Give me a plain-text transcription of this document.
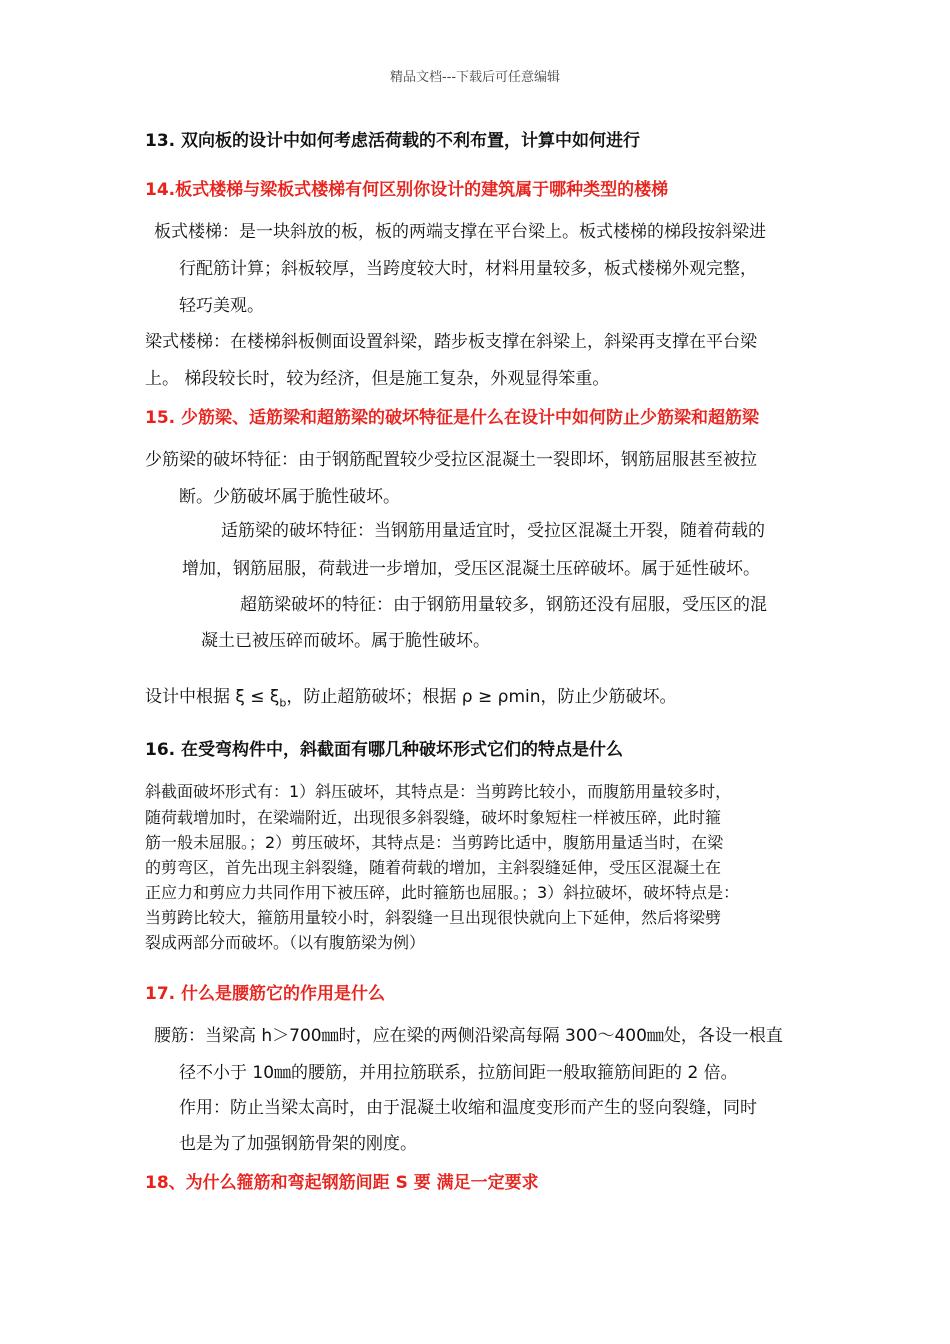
精品文档---下载后可任意编辑
13. 双向板的设计中如何考虑活荷载的不利布置，计算中如何进行
14.板式楼梯与梁板式楼梯有何区别你设计的建筑属于哪种类型的楼梯
板式楼梯：是一块斜放的板，板的两端支撑在平台梁上。板式楼梯的梯段按斜梁进
行配筋计算；斜板较厚，当跨度较大时，材料用量较多，板式楼梯外观完整，
轻巧美观。
梁式楼梯：在楼梯斜板侧面设置斜梁，踏步板支撑在斜梁上，斜梁再支撑在平台梁
上。 梯段较长时，较为经济，但是施工复杂，外观显得笨重。
15. 少筋梁、适筋梁和超筋梁的破坏特征是什么在设计中如何防止少筋梁和超筋梁
少筋梁的破坏特征：由于钢筋配置较少受拉区混凝土一裂即坏，钢筋屈服甚至被拉
断。少筋破坏属于脆性破坏。
适筋梁的破坏特征：当钢筋用量适宜时，受拉区混凝土开裂，随着荷载的
增加，钢筋屈服，荷载进一步增加，受压区混凝土压碎破坏。属于延性破坏。
超筋梁破坏的特征：由于钢筋用量较多，钢筋还没有屈服，受压区的混
凝土已被压碎而破坏。属于脆性破坏。
设计中根据 $\xi \le \xi_b$，防止超筋破坏；根据 ρ ≥ ρmin，防止少筋破坏。
16. 在受弯构件中，斜截面有哪几种破坏形式它们的特点是什么
斜截面破坏形式有：1）斜压破坏，其特点是：当剪跨比较小，而腹筋用量较多时，
随荷载增加时，在梁端附近，出现很多斜裂缝，破坏时象短柱一样被压碎，此时箍
筋一般未屈服。；2）剪压破坏，其特点是：当剪跨比适中，腹筋用量适当时，在梁
的剪弯区，首先出现主斜裂缝，随着荷载的增加，主斜裂缝延伸，受压区混凝土在
正应力和剪应力共同作用下被压碎，此时箍筋也屈服。；3）斜拉破坏，破坏特点是：
当剪跨比较大，箍筋用量较小时，斜裂缝一旦出现很快就向上下延伸，然后将梁劈
裂成两部分而破坏。（以有腹筋梁为例）
17. 什么是腰筋它的作用是什么
腰筋：当梁高 h＞700㎜时，应在梁的两侧沿梁高每隔 300～400㎜处，各设一根直
径不小于 10㎜的腰筋，并用拉筋联系，拉筋间距一般取箍筋间距的 2 倍。
作用：防止当梁太高时，由于混凝土收缩和温度变形而产生的竖向裂缝，同时
也是为了加强钢筋骨架的刚度。
18、为什么箍筋和弯起钢筋间距 S 要 满足一定要求
